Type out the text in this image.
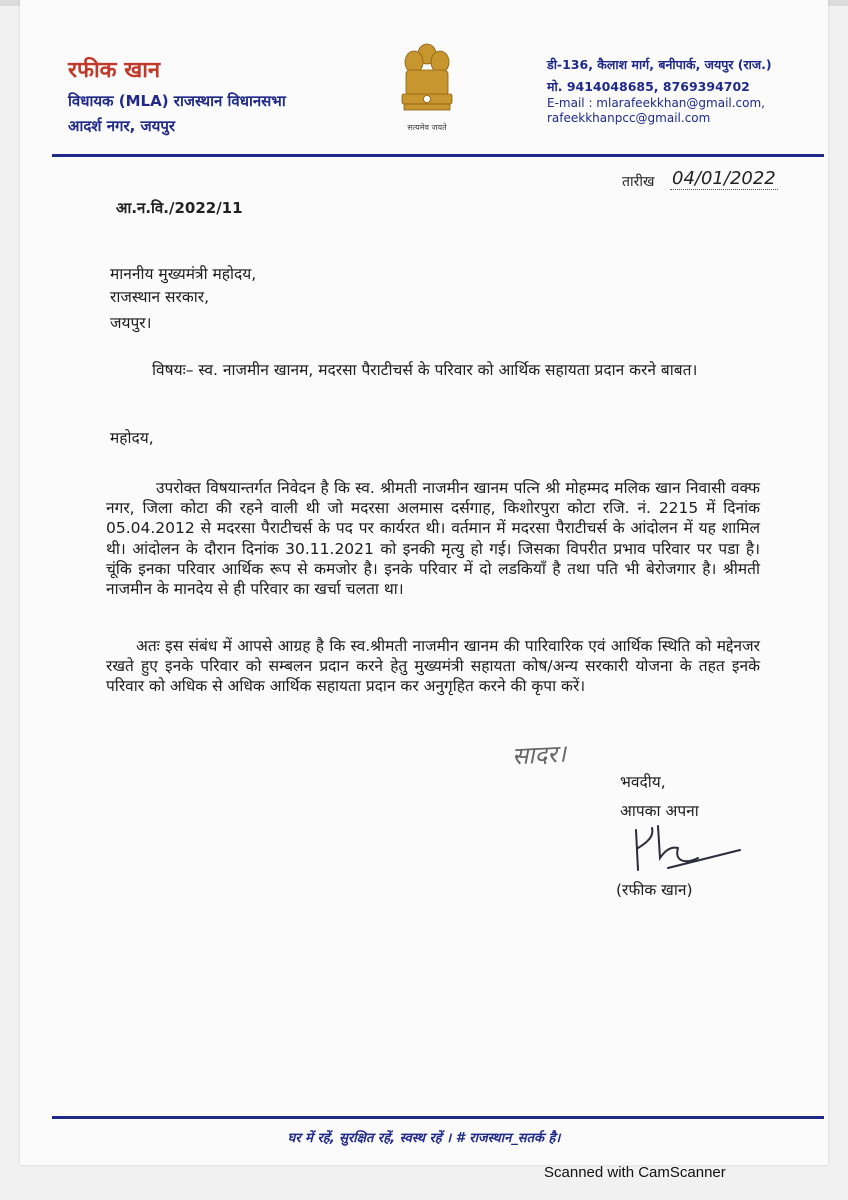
रफीक खान
विधायक (MLA) राजस्थान विधानसभा
आदर्श नगर, जयपुर	सत्यमेव जयते
डी-136, कैलाश मार्ग, बनीपार्क, जयपुर (राज.)
मो. 9414048685, 8769394702
E-mail : mlarafeekkhan@gmail.com,
rafeekkhanpcc@gmail.com
तारीख 04/01/2022
आ.न.वि./2022/11
माननीय मुख्यमंत्री महोदय,
राजस्थान सरकार,
जयपुर।
विषयः– स्व. नाजमीन खानम, मदरसा पैराटीचर्स के परिवार को आर्थिक सहायता प्रदान करने बाबत।
महोदय,
उपरोक्त विषयान्तर्गत निवेदन है कि स्व. श्रीमती नाजमीन खानम पत्नि श्री मोहम्मद मलिक खान निवासी वक्फ नगर, जिला कोटा की रहने वाली थी जो मदरसा अलमास दर्सगाह, किशोरपुरा कोटा रजि. नं. 2215 में दिनांक 05.04.2012 से मदरसा पैराटीचर्स के पद पर कार्यरत थी। वर्तमान में मदरसा पैराटीचर्स के आंदोलन में यह शामिल थी। आंदोलन के दौरान दिनांक 30.11.2021 को इनकी मृत्यु हो गई। जिसका विपरीत प्रभाव परिवार पर पडा है। चूंकि इनका परिवार आर्थिक रूप से कमजोर है। इनके परिवार में दो लडकियाँ है तथा पति भी बेरोजगार है। श्रीमती नाजमीन के मानदेय से ही परिवार का खर्चा चलता था।
अतः इस संबंध में आपसे आग्रह है कि स्व.श्रीमती नाजमीन खानम की पारिवारिक एवं आर्थिक स्थिति को मद्देनजर रखते हुए इनके परिवार को सम्बलन प्रदान करने हेतु मुख्यमंत्री सहायता कोष/अन्य सरकारी योजना के तहत इनके परिवार को अधिक से अधिक आर्थिक सहायता प्रदान कर अनुगृहित करने की कृपा करें।
सादर।
भवदीय,
आपका अपना
(रफीक खान)
घर में रहें, सुरक्षित रहें, स्वस्थ रहें । # राजस्थान_सतर्क है।
Scanned with CamScanner
